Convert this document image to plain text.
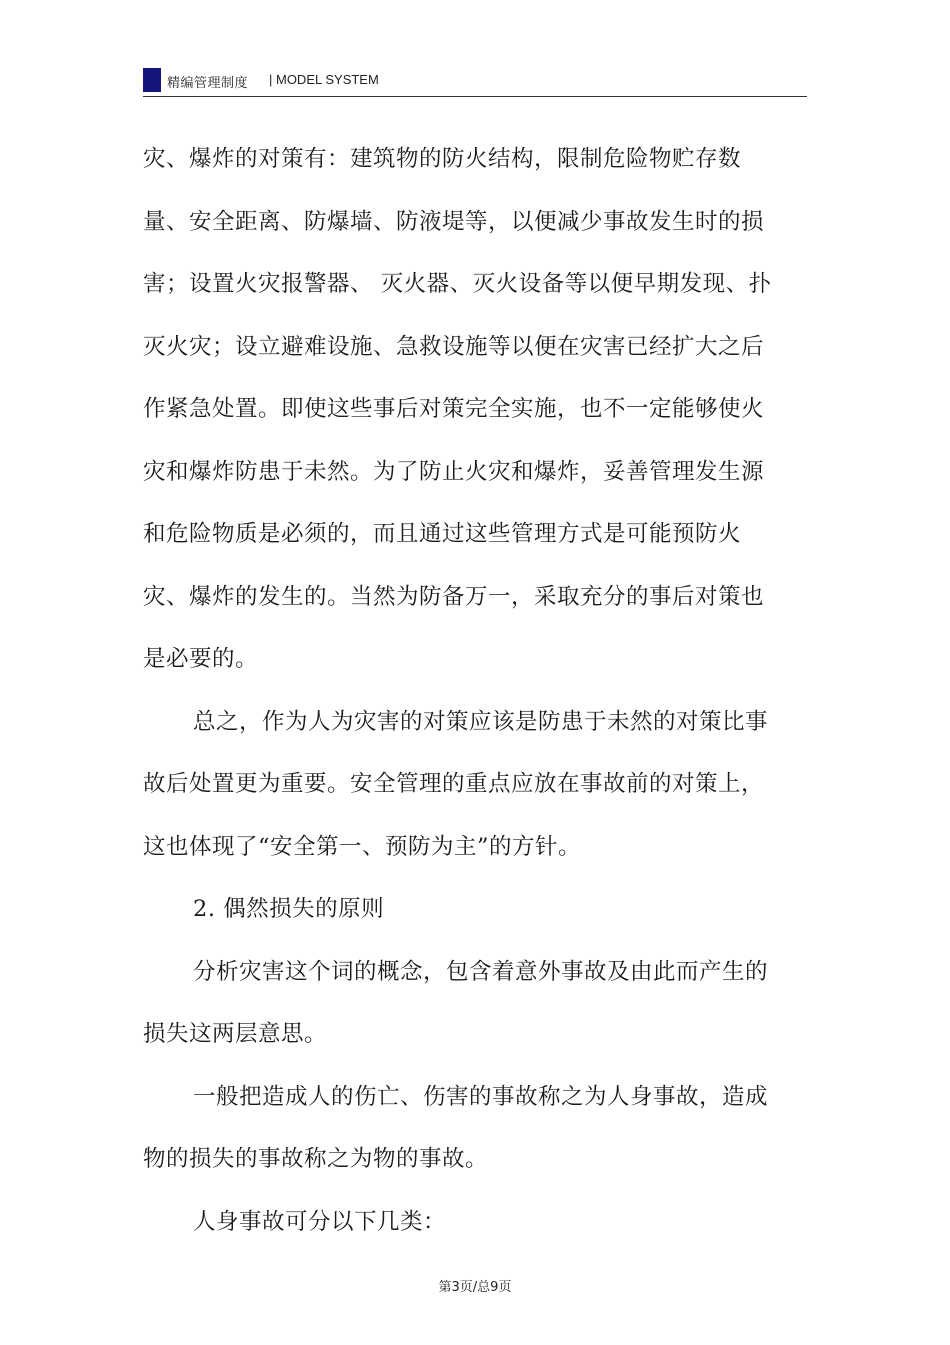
精编管理制度 | MODEL SYSTEM

灾、爆炸的对策有：建筑物的防火结构，限制危险物贮存数量、安全距离、防爆墙、防液堤等，以便减少事故发生时的损害；设置火灾报警器、 灭火器、灭火设备等以便早期发现、扑灭火灾；设立避难设施、急救设施等以便在灾害已经扩大之后作紧急处置。即使这些事后对策完全实施，也不一定能够使火灾和爆炸防患于未然。为了防止火灾和爆炸，妥善管理发生源和危险物质是必须的，而且通过这些管理方式是可能预防火灾、爆炸的发生的。当然为防备万一，采取充分的事后对策也是必要的。

总之，作为人为灾害的对策应该是防患于未然的对策比事故后处置更为重要。安全管理的重点应放在事故前的对策上，这也体现了“安全第一、预防为主”的方针。

2. 偶然损失的原则

分析灾害这个词的概念，包含着意外事故及由此而产生的损失这两层意思。

一般把造成人的伤亡、伤害的事故称之为人身事故，造成物的损失的事故称之为物的事故。

人身事故可分以下几类：

第3页/总9页
